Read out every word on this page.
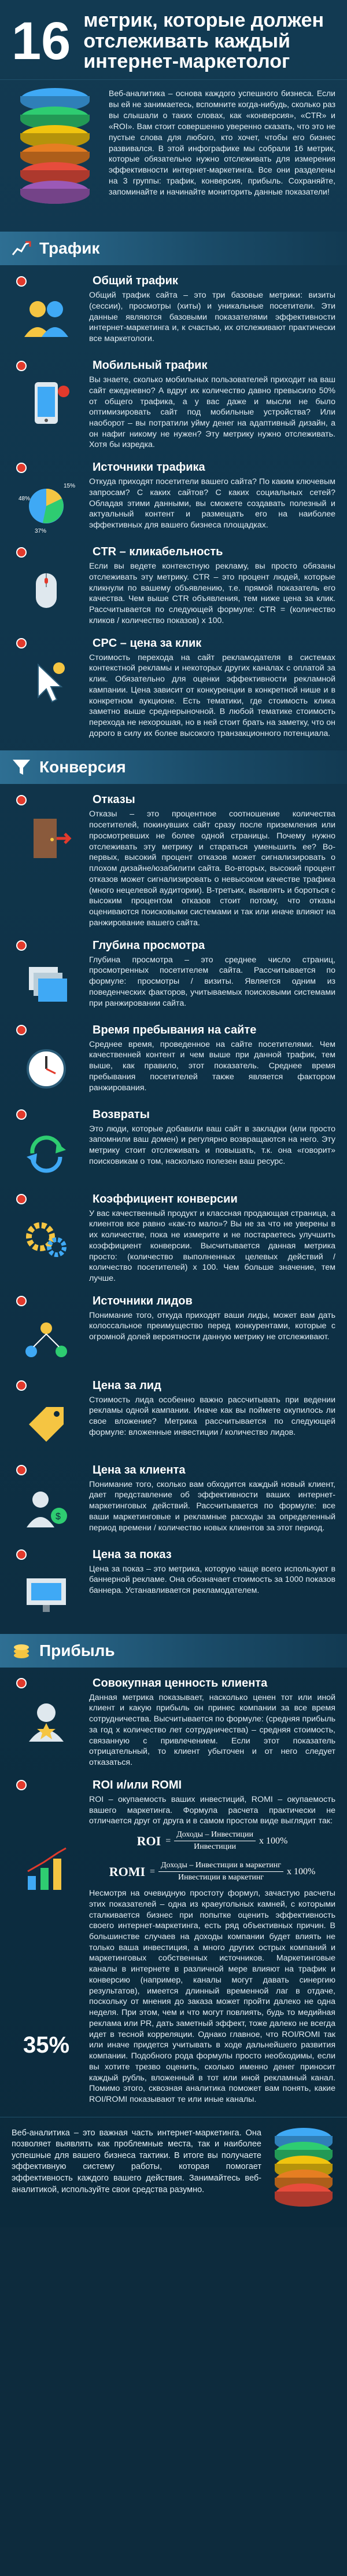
16 метрик, которые должен
отслеживать каждый
интернет-маркетолог
Веб-аналитика – основа каждого успешного бизнеса. Если вы ей не занимаетесь, вспомните когда-нибудь, сколько раз вы слышали о таких словах, как «конверсия», «CTR» и «ROI». Вам стоит совершенно уверенно сказать, что это не пустые слова для любого, кто хочет, чтобы его бизнес развивался. В этой инфографике мы собрали 16 метрик, которые обязательно нужно отслеживать для измерения эффективности интернет-маркетинга. Все они разделены на 3 группы: трафик, конверсия, прибыль. Сохраняйте, запоминайте и начинайте мониторить данные показатели!
Трафик
Общий трафик
Общий трафик сайта – это три базовые метрики: визиты (сессии), просмотры (хиты) и уникальные посетители. Эти данные являются базовыми показателями эффективности интернет-маркетинга и, к счастью, их отслеживают практически все маркетологи.
Мобильный трафик
Вы знаете, сколько мобильных пользователей приходит на ваш сайт ежедневно? А вдруг их количество давно превысило 50% от общего трафика, а у вас даже и мысли не было оптимизировать сайт под мобильные устройства? Или наоборот – вы потратили уйму денег на адаптивный дизайн, а он нафиг никому не нужен? Эту метрику нужно отслеживать. Хотя бы изредка.
15%
48%
37%
Источники трафика
Откуда приходят посетители вашего сайта? По каким ключевым запросам? С каких сайтов? С каких социальных сетей? Обладая этими данными, вы сможете создавать полезный и актуальный контент и размещать его на наиболее эффективных для вашего бизнеса площадках.
CTR – кликабельность
Если вы ведете контекстную рекламу, вы просто обязаны отслеживать эту метрику. CTR – это процент людей, которые кликнули по вашему объявлению, т.е. прямой показатель его качества. Чем выше CTR объявления, тем ниже цена за клик. Рассчитывается по следующей формуле: CTR = (количество кликов / количество показов) x 100.
CPC – цена за клик
Стоимость перехода на сайт рекламодателя в системах контекстной рекламы и некоторых других каналах с оплатой за клик. Обязательно для оценки эффективности рекламной кампании. Цена зависит от конкуренции в конкретной нише и в конкретном аукционе. Есть тематики, где стоимость клика заметно выше среднерыночной. В любой тематике стоимость перехода не нехорошая, но в ней стоит брать на заметку, что он дорого в силу их более высокого транзакционного потенциала.
Конверсия
Отказы
Отказы – это процентное соотношение количества посетителей, покинувших сайт сразу после приземления или просмотревших не более одной страницы. Почему нужно отслеживать эту метрику и стараться уменьшить ее? Во-первых, высокий процент отказов может сигнализировать о плохом дизайне/юзабилити сайта. Во-вторых, высокий процент отказов может сигнализировать о невысоком качестве трафика (много нецелевой аудитории). В-третьих, выявлять и бороться с высоким процентом отказов стоит потому, что отказы оцениваются поисковыми системами и так или иначе влияют на ранжирование вашего сайта.
Глубина просмотра
Глубина просмотра – это среднее число страниц, просмотренных посетителем сайта. Рассчитывается по формуле: просмотры / визиты. Является одним из поведенческих факторов, учитываемых поисковыми системами при ранжировании сайта.
Время пребывания на сайте
Среднее время, проведенное на сайте посетителями. Чем качественней контент и чем выше при данной трафик, тем выше, как правило, этот показатель. Среднее время пребывания посетителей также является фактором ранжирования.
Возвраты
Это люди, которые добавили ваш сайт в закладки (или просто запомнили ваш домен) и регулярно возвращаются на него. Эту метрику стоит отслеживать и повышать, т.к. она «говорит» поисковикам о том, насколько полезен ваш ресурс.
Коэффициент конверсии
У вас качественный продукт и классная продающая страница, а клиентов все равно «как-то мало»? Вы не за что не уверены в их количестве, пока не измерите и не постараетесь улучшить коэффициент конверсии. Высчитывается данная метрика просто: (количество выполненных целевых действий / количество посетителей) x 100. Чем больше значение, тем лучше.
Источники лидов
Понимание того, откуда приходят ваши лиды, может вам дать колоссальное преимущество перед конкурентами, которые с огромной долей вероятности данную метрику не отслеживают.
Цена за лид
Стоимость лида особенно важно рассчитывать при ведении рекламы одной кампании. Иначе как вы поймете окупилось ли свое вложение? Метрика рассчитывается по следующей формуле: вложенные инвестиции / количество лидов.
$
Цена за клиента
Понимание того, сколько вам обходится каждый новый клиент, дает представление об эффективности ваших интернет-маркетинговых действий. Рассчитывается по формуле: все ваши маркетинговые и рекламные расходы за определенный период времени / количество новых клиентов за этот период.
Цена за показ
Цена за показ – это метрика, которую чаще всего используют в баннерной рекламе. Она обозначает стоимость за 1000 показов баннера. Устанавливается рекламодателем.
Прибыль
Совокупная ценность клиента
Данная метрика показывает, насколько ценен тот или иной клиент и какую прибыль он принес компании за все время сотрудничества. Высчитывается по формуле: (средняя прибыль за год x количество лет сотрудничества) – средняя стоимость, связанную с привлечением. Если этот показатель отрицательный, то клиент убыточен и от него следует отказаться.
35%
ROI и/или ROMI
ROI – окупаемость ваших инвестиций, ROMI – окупаемость вашего маркетинга. Формула расчета практически не отличается друг от друга и в самом простом виде выглядит так:
ROI = $\frac{\text{Доходы – Инвестиции}}{\text{Инвестиции}}$ x 100%
ROMI = $\frac{\text{Доходы – Инвестиции в маркетинг}}{\text{Инвестиции в маркетинг}}$ x 100%
Несмотря на очевидную простоту формул, зачастую расчеты этих показателей – одна из краеугольных камней, с которыми сталкивается бизнес при попытке оценить эффективность своего интернет-маркетинга, есть ряд объективных причин. В большинстве случаев на доходы компании будет влиять не только ваша инвестиция, а много других острых компаний и маркетинговых собственных источников. Маркетинговые каналы в интернете в различной мере влияют на трафик и конверсию (например, каналы могут давать синергию результатов), имеется длинный временной лаг в отдаче, поскольку от мнения до заказа может пройти далеко не одна неделя. При этом, чем и что могут повлиять, будь то медийная реклама или PR, дать заметный эффект, тоже далеко не всегда идет в тесной корреляции. Однако главное, что ROI/ROMI так или иначе придется учитывать в ходе дальнейшего развития компании. Подобного рода формулы просто необходимы, если вы хотите трезво оценить, сколько именно денег приносит каждый рубль, вложенный в тот или иной рекламный канал. Помимо этого, сквозная аналитика поможет вам понять, какие ROI/ROMI показывают те или иные каналы.
Веб-аналитика – это важная часть интернет-маркетинга. Она позволяет выявлять как проблемные места, так и наиболее успешные для вашего бизнеса тактики. В итоге вы получаете эффективную систему работы, которая помогает эффективность каждого вашего действия. Занимайтесь веб-аналитикой, используйте свои средства разумно.
